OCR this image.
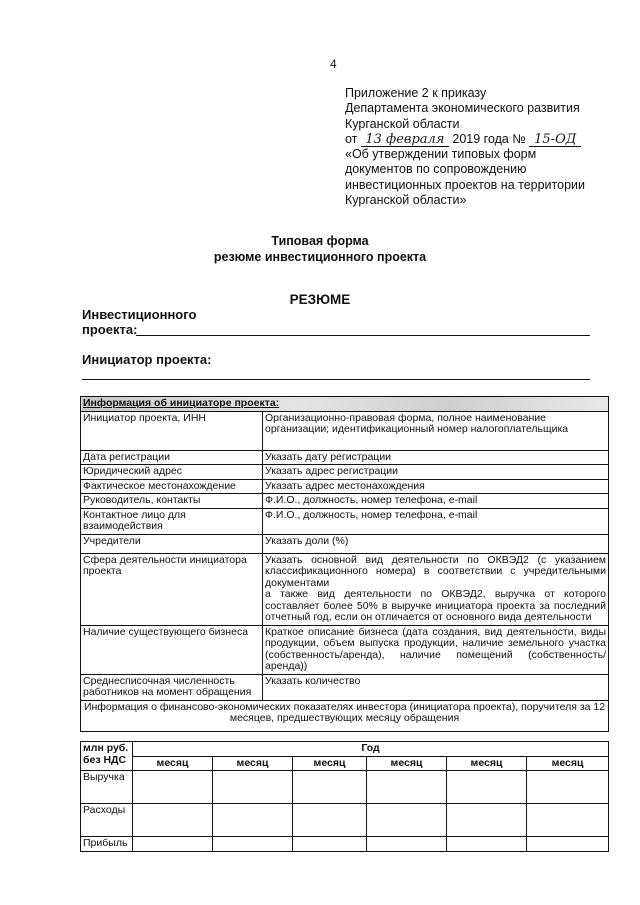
4
Приложение 2 к приказу
Департамента экономического развития
Курганской области
от 13 февраля 2019 года № 15-ОД
«Об утверждении типовых форм
документов по сопровождению
инвестиционных проектов на территории
Курганской области»
Типовая форма
резюме инвестиционного проекта
РЕЗЮМЕ
Инвестиционного
проекта:
Инициатор проекта:
Информация об инициаторе проекта:	
Инициатор проекта, ИНН	Организационно-правовая форма, полное наименование организации; идентификационный номер налогоплательщика
Дата регистрации	Указать дату регистрации
Юридический адрес	Указать адрес регистрации
Фактическое местонахождение	Указать адрес местонахождения
Руководитель, контакты	Ф.И.О., должность, номер телефона, e-mail
Контактное лицо для взаимодействия	Ф.И.О., должность, номер телефона, e-mail
Учредители	Указать доли (%)
Сфера деятельности инициатора проекта	Указать основной вид деятельности по ОКВЭД2 (с указанием классификационного номера) в соответствии с учредительными документами
а также вид деятельности по ОКВЭД2, выручка от которого составляет более 50% в выручке инициатора проекта за последний отчетный год, если он отличается от основного вида деятельности

Наличие существующего бизнеса	Краткое описание бизнеса (дата создания, вид деятельности, виды продукции, объем выпуска продукции, наличие земельного участка (собственность/аренда), наличие помещений (собственность/аренда))
Среднесписочная численность работников на момент обращения	Указать количество
Информация о финансово-экономических показателях инвестора (инициатора проекта), поручителя за 12 месяцев, предшествующих месяцу обращения	
млн руб.
без НДС	Год					
	месяц	месяц	месяц	месяц	месяц	месяц
Выручка						
Расходы						
Прибыль						
